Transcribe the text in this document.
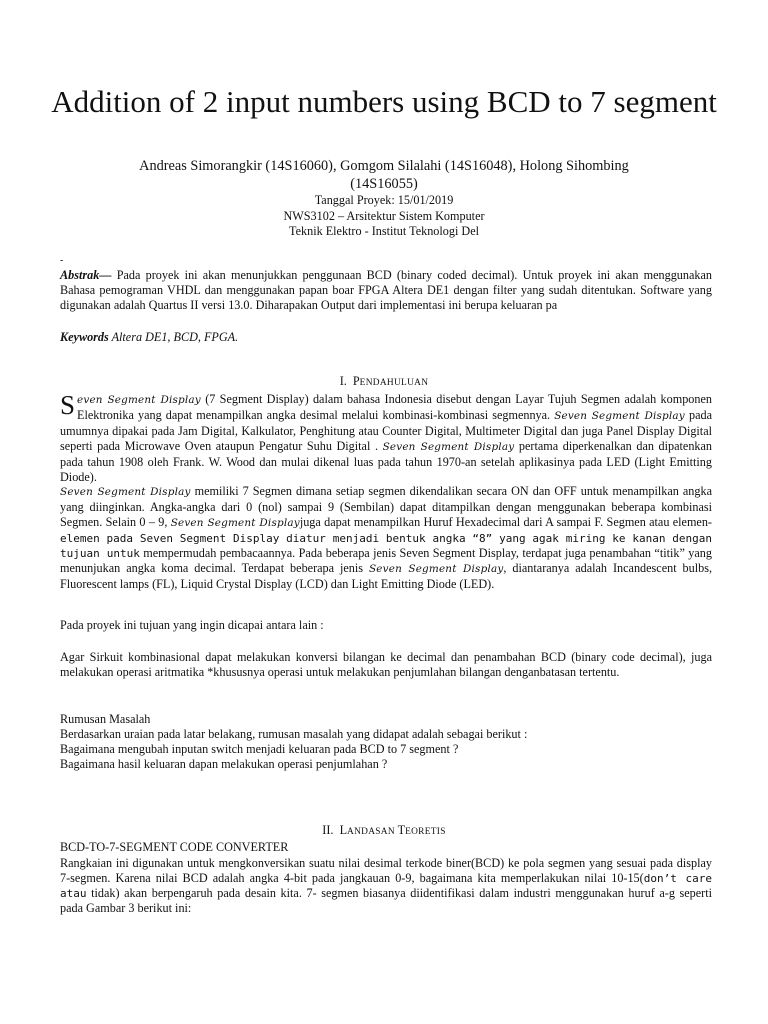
Addition of 2 input numbers using BCD to 7 segment
Andreas Simorangkir (14S16060), Gomgom Silalahi (14S16048), Holong Sihombing
(14S16055)
Tanggal Proyek: 15/01/2019
NWS3102 – Arsitektur Sistem Komputer
Teknik Elektro - Institut Teknologi Del
-
Abstrak— Pada proyek ini akan menunjukkan penggunaan BCD (binary coded decimal). Untuk proyek ini akan menggunakan Bahasa pemograman VHDL dan menggunakan papan boar FPGA Altera DE1 dengan filter yang sudah ditentukan. Software yang digunakan adalah Quartus II versi 13.0. Diharapakan Output dari implementasi ini berupa keluaran pa
Keywords Altera DE1, BCD, FPGA.
I. PENDAHULUAN
Seven Segment Display (7 Segment Display) dalam bahasa Indonesia disebut dengan Layar Tujuh Segmen adalah komponen Elektronika yang dapat menampilkan angka desimal melalui kombinasi-kombinasi segmennya. Seven Segment Display pada umumnya dipakai pada Jam Digital, Kalkulator, Penghitung atau Counter Digital, Multimeter Digital dan juga Panel Display Digital seperti pada Microwave Oven ataupun Pengatur Suhu Digital . Seven Segment Display pertama diperkenalkan dan dipatenkan pada tahun 1908 oleh Frank. W. Wood dan mulai dikenal luas pada tahun 1970-an setelah aplikasinya pada LED (Light Emitting Diode).
Seven Segment Display memiliki 7 Segmen dimana setiap segmen dikendalikan secara ON dan OFF untuk menampilkan angka yang diinginkan. Angka-angka dari 0 (nol) sampai 9 (Sembilan) dapat ditampilkan dengan menggunakan beberapa kombinasi Segmen. Selain 0 – 9, Seven Segment Displayjuga dapat menampilkan Huruf Hexadecimal dari A sampai F. Segmen atau elemen-elemen pada Seven Segment Display diatur menjadi bentuk angka “8” yang agak miring ke kanan dengan tujuan untuk mempermudah pembacaannya. Pada beberapa jenis Seven Segment Display, terdapat juga penambahan “titik” yang menunjukan angka koma decimal. Terdapat beberapa jenis Seven Segment Display, diantaranya adalah Incandescent bulbs, Fluorescent lamps (FL), Liquid Crystal Display (LCD) dan Light Emitting Diode (LED).
Pada proyek ini tujuan yang ingin dicapai antara lain :
Agar Sirkuit kombinasional dapat melakukan konversi bilangan ke decimal dan penambahan BCD (binary code decimal), juga melakukan operasi aritmatika *khususnya operasi untuk melakukan penjumlahan bilangan denganbatasan tertentu.

Rumusan Masalah

Berdasarkan uraian pada latar belakang, rumusan masalah yang didapat adalah sebagai berikut :

Bagaimana mengubah inputan switch menjadi keluaran pada BCD to 7 segment ?

Bagaimana hasil keluaran dapan melakukan operasi penjumlahan ?

II. LANDASAN TEORETIS
BCD-TO-7-SEGMENT CODE CONVERTER
Rangkaian ini digunakan untuk mengkonversikan suatu nilai desimal terkode biner(BCD) ke pola segmen yang sesuai pada display 7-segmen. Karena nilai BCD adalah angka 4-bit pada jangkauan 0-9, bagaimana kita memperlakukan nilai 10-15(don’t care atau tidak) akan berpengaruh pada desain kita. 7- segmen biasanya diidentifikasi dalam industri menggunakan huruf a-g seperti pada Gambar 3 berikut ini:
